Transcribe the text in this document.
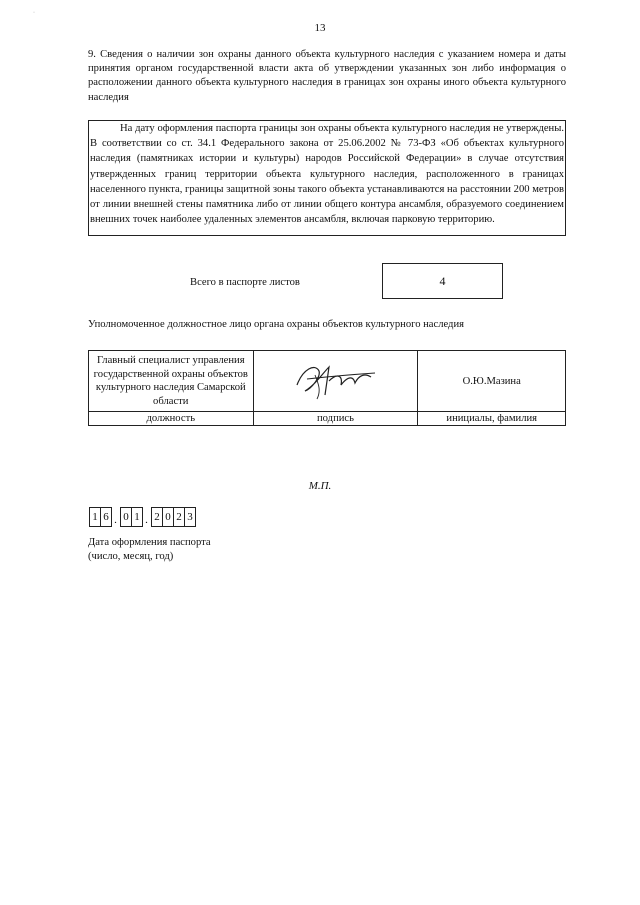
·
13
9. Сведения о наличии зон охраны данного объекта культурного наследия с указанием номера и даты принятия органом государственной власти акта об утверждении указанных зон либо информация о расположении данного объекта культурного наследия в границах зон охраны иного объекта культурного наследия
На дату оформления паспорта границы зон охраны объекта культурного наследия не утверждены. В соответствии со ст. 34.1 Федерального закона от 25.06.2002 № 73-ФЗ «Об объектах культурного наследия (памятниках истории и культуры) народов Российской Федерации» в случае отсутствия утвержденных границ территории объекта культурного наследия, расположенного в границах населенного пункта, границы защитной зоны такого объекта устанавливаются на расстоянии 200 метров от линии внешней стены памятника либо от линии общего контура ансамбля, образуемого соединением внешних точек наиболее удаленных элементов ансамбля, включая парковую территорию.
Всего в паспорте листов	4
Уполномоченное должностное лицо органа охраны объектов культурного наследия
Главный специалист управления государственной охраны объектов культурного наследия Самарской области		О.Ю.Мазина
должность	подпись	инициалы, фамилия
М.П.
1 6 . 0 1 . 2 0 2 3
Дата оформления паспорта
(число, месяц, год)
